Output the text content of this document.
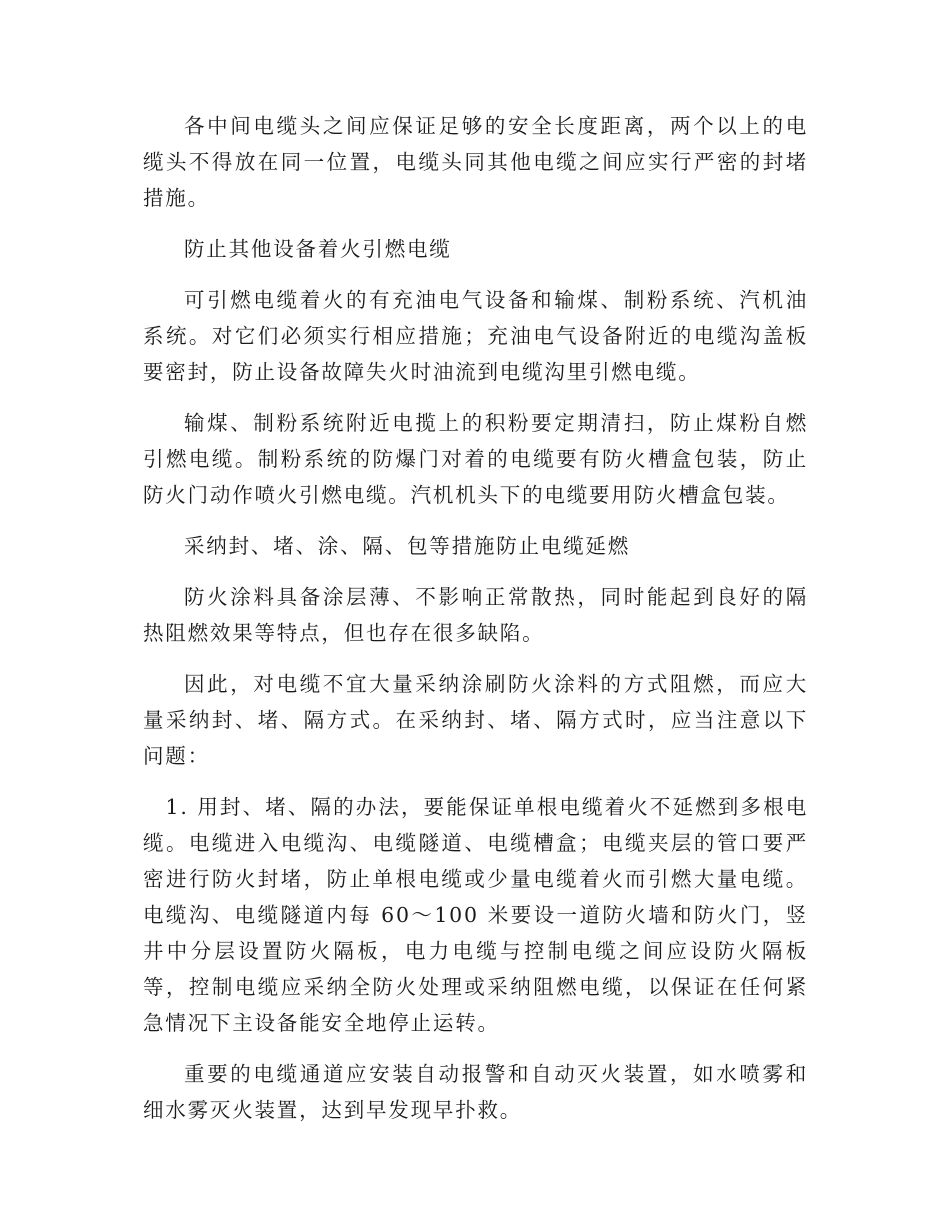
各中间电缆头之间应保证足够的安全长度距离，两个以上的电缆头不得放在同一位置，电缆头同其他电缆之间应实行严密的封堵措施。

防止其他设备着火引燃电缆

可引燃电缆着火的有充油电气设备和输煤、制粉系统、汽机油系统。对它们必须实行相应措施；充油电气设备附近的电缆沟盖板要密封，防止设备故障失火时油流到电缆沟里引燃电缆。

输煤、制粉系统附近电揽上的积粉要定期清扫，防止煤粉自燃引燃电缆。制粉系统的防爆门对着的电缆要有防火槽盒包装，防止防火门动作喷火引燃电缆。汽机机头下的电缆要用防火槽盒包装。

采纳封、堵、涂、隔、包等措施防止电缆延燃

防火涂料具备涂层薄、不影响正常散热，同时能起到良好的隔热阻燃效果等特点，但也存在很多缺陷。

因此，对电缆不宜大量采纳涂刷防火涂料的方式阻燃，而应大量采纳封、堵、隔方式。在采纳封、堵、隔方式时，应当注意以下问题：

1. 用封、堵、隔的办法，要能保证单根电缆着火不延燃到多根电缆。电缆进入电缆沟、电缆隧道、电缆槽盒；电缆夹层的管口要严密进行防火封堵，防止单根电缆或少量电缆着火而引燃大量电缆。电缆沟、电缆隧道内每 60～100 米要设一道防火墙和防火门，竖井中分层设置防火隔板，电力电缆与控制电缆之间应设防火隔板等，控制电缆应采纳全防火处理或采纳阻燃电缆，以保证在任何紧急情况下主设备能安全地停止运转。

重要的电缆通道应安装自动报警和自动灭火装置，如水喷雾和细水雾灭火装置，达到早发现早扑救。
